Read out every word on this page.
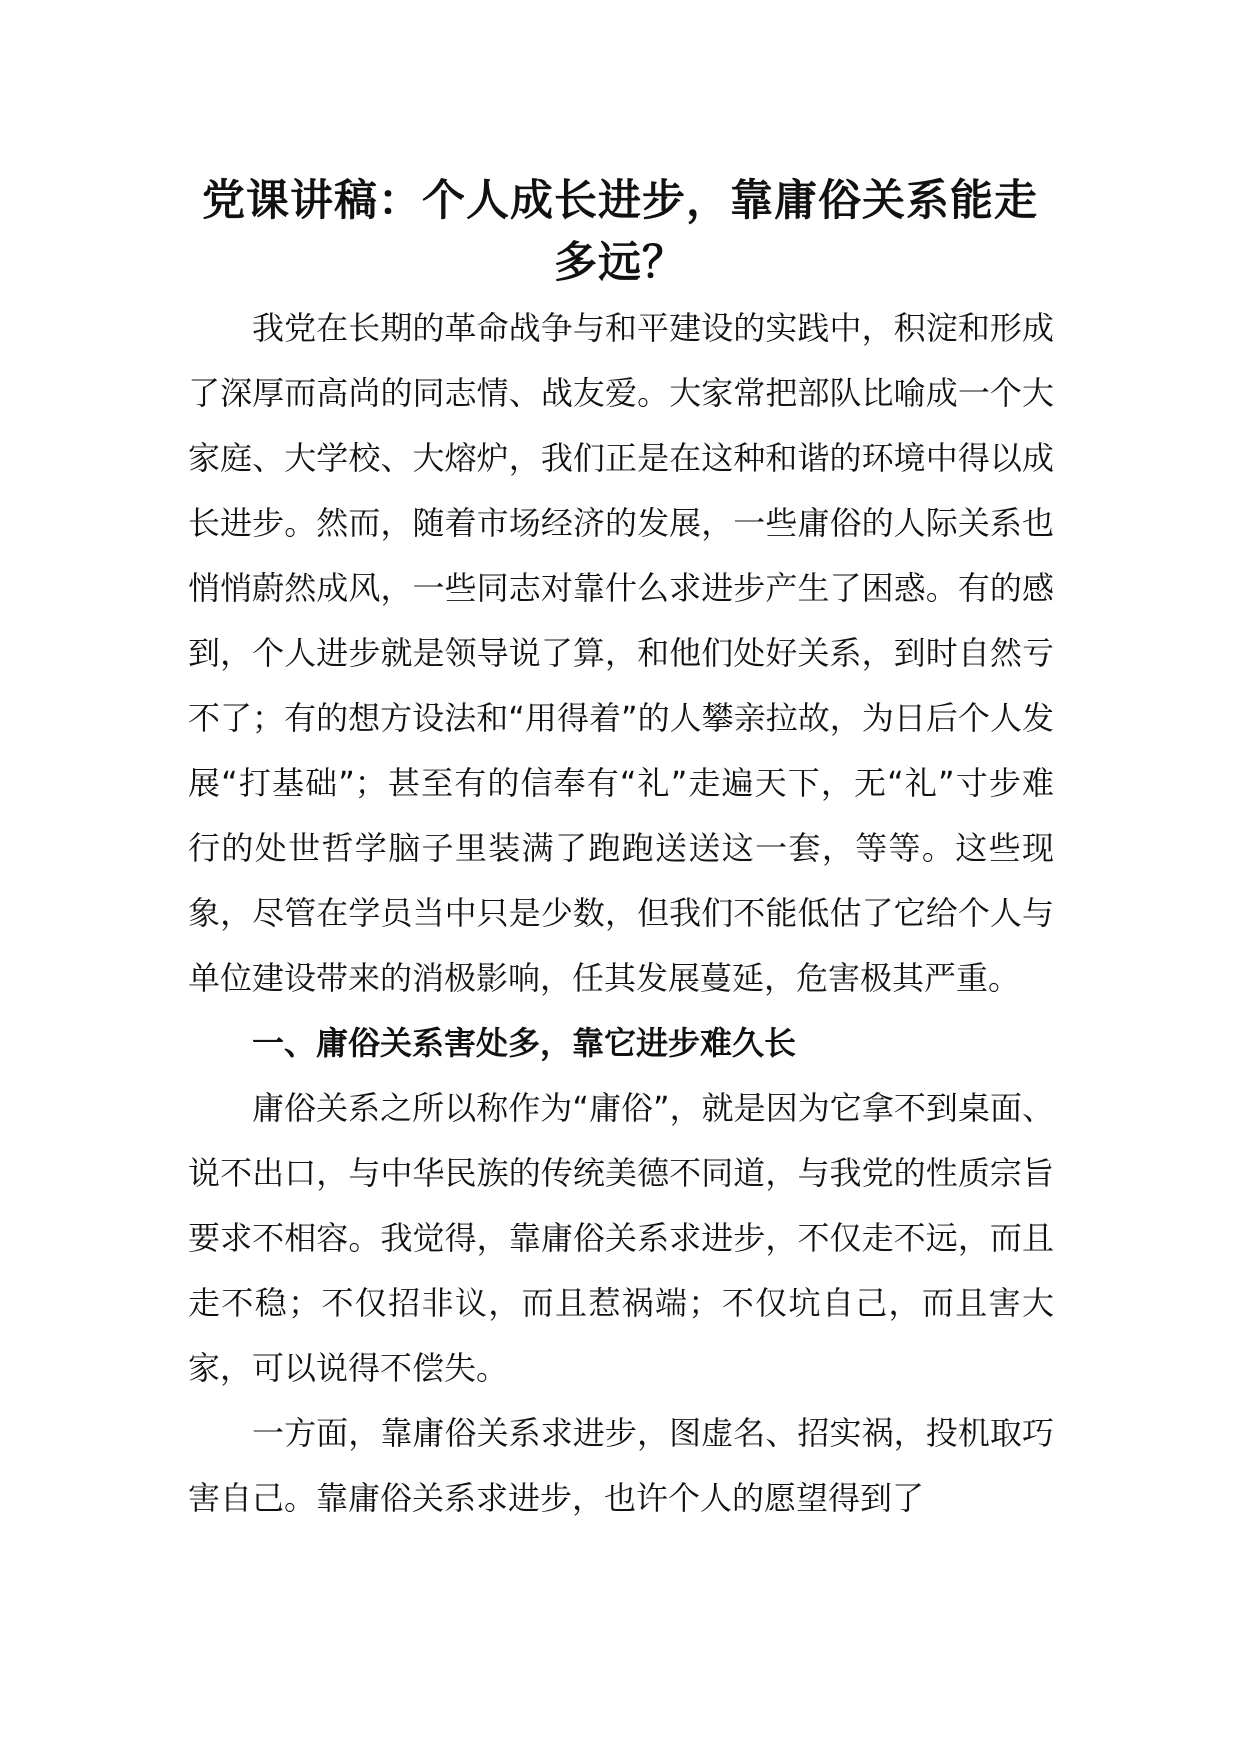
党课讲稿：个人成长进步，靠庸俗关系能走多远？

我党在长期的革命战争与和平建设的实践中，积淀和形成了深厚而高尚的同志情、战友爱。大家常把部队比喻成一个大家庭、大学校、大熔炉，我们正是在这种和谐的环境中得以成长进步。然而，随着市场经济的发展，一些庸俗的人际关系也悄悄蔚然成风，一些同志对靠什么求进步产生了困惑。有的感到，个人进步就是领导说了算，和他们处好关系，到时自然亏不了；有的想方设法和“用得着”的人攀亲拉故，为日后个人发展“打基础”；甚至有的信奉有“礼”走遍天下，无“礼”寸步难行的处世哲学脑子里装满了跑跑送送这一套，等等。这些现象，尽管在学员当中只是少数，但我们不能低估了它给个人与单位建设带来的消极影响，任其发展蔓延，危害极其严重。

一、庸俗关系害处多，靠它进步难久长

庸俗关系之所以称作为“庸俗”，就是因为它拿不到桌面、说不出口，与中华民族的传统美德不同道，与我党的性质宗旨要求不相容。我觉得，靠庸俗关系求进步，不仅走不远，而且走不稳；不仅招非议，而且惹祸端；不仅坑自己，而且害大家，可以说得不偿失。

一方面，靠庸俗关系求进步，图虚名、招实祸，投机取巧害自己。靠庸俗关系求进步，也许个人的愿望得到了
